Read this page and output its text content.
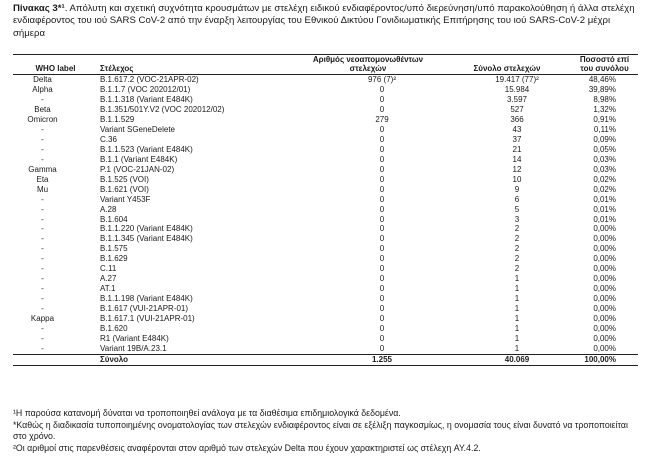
Πίνακας 3*¹. Απόλυτη και σχετική συχνότητα κρουσμάτων με στελέχη ειδικού ενδιαφέροντος/υπό διερεύνηση/υπό παρακολούθηση ή άλλα στελέχη ενδιαφέροντος του ιού SARS CoV-2 από την έναρξη λειτουργίας του Εθνικού Δικτύου Γονιδιωματικής Επιτήρησης του ιού SARS-CoV-2 μέχρι σήμερα
WHO label	Στέλεχος	Αριθμός νεοαπομονωθέντων στελεχών	Σύνολο στελεχών	Ποσοστό επί του συνόλου
Delta	B.1.617.2 (VOC-21APR-02)	976 (7)²	19.417 (77)²	48,46%
Alpha	B.1.1.7 (VOC 202012/01)	0	15.984	39,89%
-	B.1.1.318 (Variant E484K)	0	3.597	8,98%
Beta	B.1.351/501Y.V2 (VOC 202012/02)	0	527	1,32%
Omicron	B.1.1.529	279	366	0,91%
-	Variant SGeneDelete	0	43	0,11%
-	C.36	0	37	0,09%
-	B.1.1.523 (Variant E484K)	0	21	0,05%
-	B.1.1 (Variant E484K)	0	14	0,03%
Gamma	P.1 (VOC-21JAN-02)	0	12	0,03%
Eta	B.1.525 (VOI)	0	10	0,02%
Mu	B.1.621 (VOI)	0	9	0,02%
-	Variant Y453F	0	6	0,01%
-	A.28	0	5	0,01%
-	B.1.604	0	3	0,01%
-	B.1.1.220 (Variant E484K)	0	2	0,00%
-	B.1.1.345 (Variant E484K)	0	2	0,00%
-	B.1.575	0	2	0,00%
-	B.1.629	0	2	0,00%
-	C.11	0	2	0,00%
-	A.27	0	1	0,00%
-	AT.1	0	1	0,00%
-	B.1.1.198 (Variant E484K)	0	1	0,00%
-	B.1.617 (VUI-21APR-01)	0	1	0,00%
Kappa	B.1.617.1 (VUI-21APR-01)	0	1	0,00%
-	B.1.620	0	1	0,00%
-	R1 (Variant E484K)	0	1	0,00%
-	Variant 19B/A.23.1	0	1	0,00%
	Σύνολο	1.255	40.069	100,00%

¹Η παρούσα κατανομή δύναται να τροποποιηθεί ανάλογα με τα διαθέσιμα επιδημιολογικά δεδομένα.

*Καθώς η διαδικασία τυποποιημένης ονοματολογίας των στελεχών ενδιαφέροντος είναι σε εξέλιξη παγκοσμίως, η ονομασία τους είναι δυνατό να τροποποιείται στο χρόνο.

²Οι αριθμοί στις παρενθέσεις αναφέρονται στον αριθμό των στελεχών Delta που έχουν χαρακτηριστεί ως στέλεχη AY.4.2.
